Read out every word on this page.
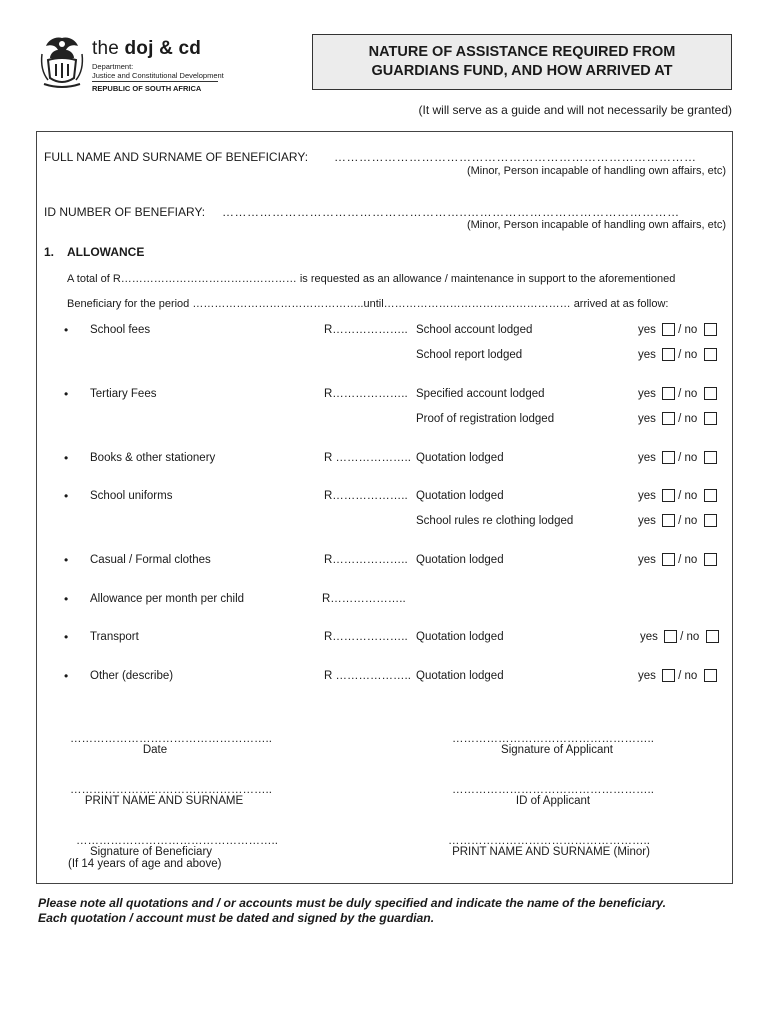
the doj & cd
Department:
Justice and Constitutional Development
REPUBLIC OF SOUTH AFRICA
NATURE OF ASSISTANCE REQUIRED FROM
GUARDIANS FUND, AND HOW ARRIVED AT
(It will serve as a guide and will not necessarily be granted)
FULL NAME AND SURNAME OF BENEFICIARY: ……………………………………………………………………………
(Minor, Person incapable of handling own affairs, etc)
ID NUMBER OF BENEFIARY: …………………………………………………..……………………………………………
(Minor, Person incapable of handling own affairs, etc)
1. ALLOWANCE
A total of R………………………………………… is requested as an allowance / maintenance in support to the aforementioned
Beneficiary for the period ………………………………………..until…………………………………………… arrived at as follow:
• School fees	R……………….. School account lodged	yes / no
School report lodged	yes / no
• Tertiary Fees	R……………….. Specified account lodged	yes / no
Proof of registration lodged	yes / no
• Books & other stationery	R ……………….. Quotation lodged	yes / no
• School uniforms	R……………….. Quotation lodged	yes / no
School rules re clothing lodged	yes / no
• Casual / Formal clothes	R……………….. Quotation lodged	yes / no
• Allowance per month per child	R………………..
• Transport	R……………….. Quotation lodged	yes / no
• Other (describe)	R ……………….. Quotation lodged	yes / no
……………………………………………..
Date
……………………………………………..
Signature of Applicant
……………………………………………..
PRINT NAME AND SURNAME
……………………………………………..
ID of Applicant
……………………………………………..
Signature of Beneficiary
(If 14 years of age and above)
……………………………………………..
PRINT NAME AND SURNAME (Minor)
Please note all quotations and / or accounts must be duly specified and indicate the name of the beneficiary.
Each quotation / account must be dated and signed by the guardian.
